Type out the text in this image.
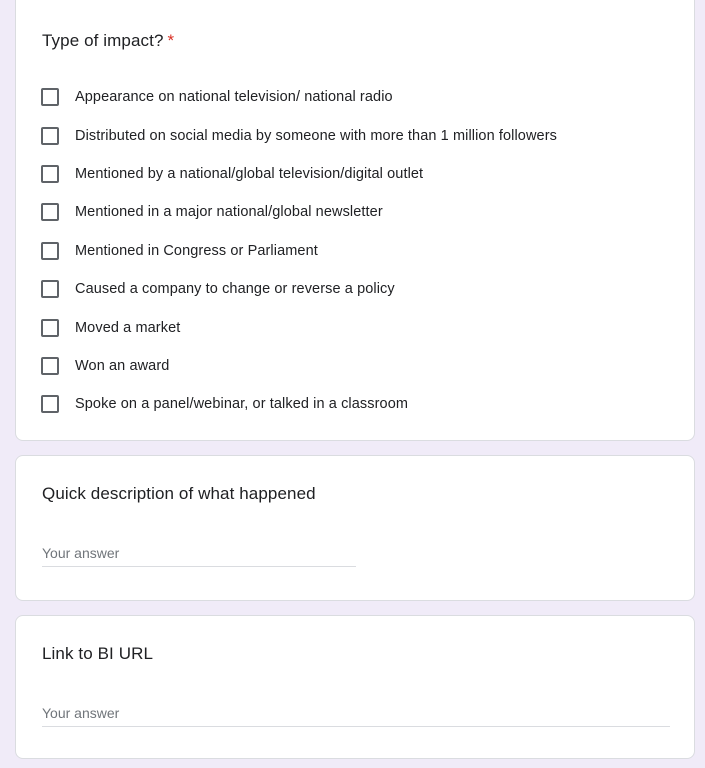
Type of impact? *
Appearance on national television/ national radio
Distributed on social media by someone with more than 1 million followers
Mentioned by a national/global television/digital outlet
Mentioned in a major national/global newsletter
Mentioned in Congress or Parliament
Caused a company to change or reverse a policy
Moved a market
Won an award
Spoke on a panel/webinar, or talked in a classroom
Quick description of what happened
Your answer
Link to BI URL
Your answer
